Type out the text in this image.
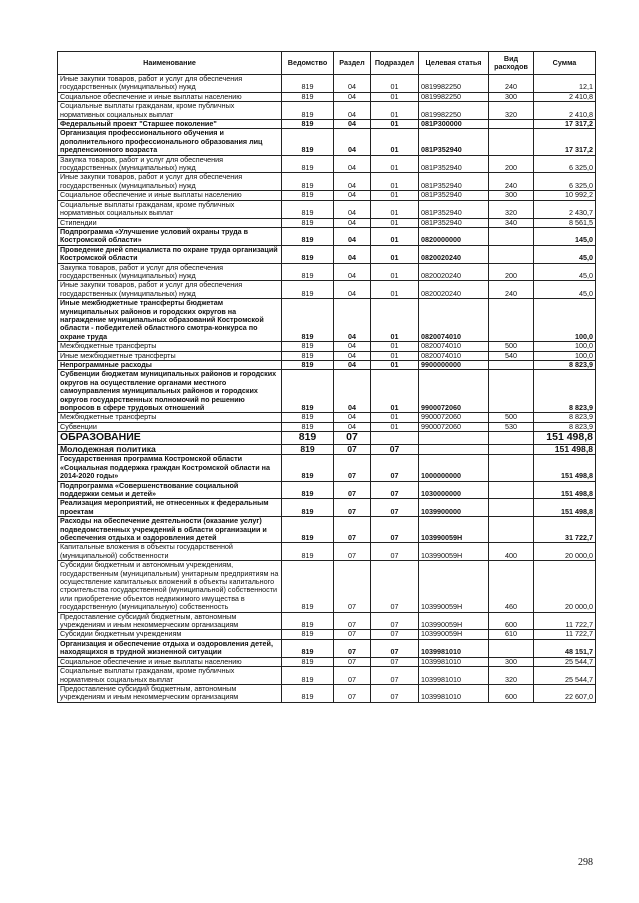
Наименование	Ведомство	Раздел	Подраздел	Целевая статья	Вид расходов	Сумма
Иные закупки товаров, работ и услуг для обеспечения государственных (муниципальных) нужд	819	04	01	0819982250	240	12,1
Социальное обеспечение и иные выплаты населению	819	04	01	0819982250	300	2 410,8
Социальные выплаты гражданам, кроме публичных нормативных социальных выплат	819	04	01	0819982250	320	2 410,8
Федеральный проект "Старшее поколение"	819	04	01	081P300000		17 317,2
Организация профессионального обучения и дополнительного профессионального образования лиц предпенсионного возраста	819	04	01	081P352940		17 317,2
Закупка товаров, работ и услуг для обеспечения государственных (муниципальных) нужд	819	04	01	081P352940	200	6 325,0
Иные закупки товаров, работ и услуг для обеспечения государственных (муниципальных) нужд	819	04	01	081P352940	240	6 325,0
Социальное обеспечение и иные выплаты населению	819	04	01	081P352940	300	10 992,2
Социальные выплаты гражданам, кроме публичных нормативных социальных выплат	819	04	01	081P352940	320	2 430,7
Стипендии	819	04	01	081P352940	340	8 561,5
Подпрограмма «Улучшение условий охраны труда в Костромской области»	819	04	01	0820000000		145,0
Проведение дней специалиста по охране труда организаций Костромской области	819	04	01	0820020240		45,0
Закупка товаров, работ и услуг для обеспечения государственных (муниципальных) нужд	819	04	01	0820020240	200	45,0
Иные закупки товаров, работ и услуг для обеспечения государственных (муниципальных) нужд	819	04	01	0820020240	240	45,0
Иные межбюджетные трансферты бюджетам муниципальных районов и городских округов на награждение муниципальных образований Костромской области - победителей областного смотра-конкурса по охране труда	819	04	01	0820074010		100,0
Межбюджетные трансферты	819	04	01	0820074010	500	100,0
Иные межбюджетные трансферты	819	04	01	0820074010	540	100,0
Непрограммные расходы	819	04	01	9900000000		8 823,9
Субвенции бюджетам муниципальных районов и городских округов на осуществление органами местного самоуправления муниципальных районов и городских округов государственных полномочий по решению вопросов в сфере трудовых отношений	819	04	01	9900072060		8 823,9
Межбюджетные трансферты	819	04	01	9900072060	500	8 823,9
Субвенции	819	04	01	9900072060	530	8 823,9
ОБРАЗОВАНИЕ	819	07				151 498,8
Молодежная политика	819	07	07			151 498,8
Государственная программа Костромской области «Социальная поддержка граждан Костромской области на 2014-2020 годы»	819	07	07	1000000000		151 498,8
Подпрограмма «Совершенствование социальной поддержки семьи и детей»	819	07	07	1030000000		151 498,8
Реализация мероприятий, не отнесенных к федеральным проектам	819	07	07	1039900000		151 498,8
Расходы на обеспечение деятельности (оказание услуг) подведомственных учреждений в области организации и обеспечения отдыха и оздоровления детей	819	07	07	103990059Н		31 722,7
Капитальные вложения в объекты государственной (муниципальной) собственности	819	07	07	103990059Н	400	20 000,0
Субсидии бюджетным и автономным учреждениям, государственным (муниципальным) унитарным предприятиям на осуществление капитальных вложений в объекты капитального строительства государственной (муниципальной) собственности или приобретение объектов недвижимого имущества в государственную (муниципальную) собственность	819	07	07	103990059Н	460	20 000,0
Предоставление субсидий бюджетным, автономным учреждениям и иным некоммерческим организациям	819	07	07	103990059Н	600	11 722,7
Субсидии бюджетным учреждениям	819	07	07	103990059Н	610	11 722,7
Организация и обеспечение отдыха и оздоровления детей, находящихся в трудной жизненной ситуации	819	07	07	1039981010		48 151,7
Социальное обеспечение и иные выплаты населению	819	07	07	1039981010	300	25 544,7
Социальные выплаты гражданам, кроме публичных нормативных социальных выплат	819	07	07	1039981010	320	25 544,7
Предоставление субсидий бюджетным, автономным учреждениям и иным некоммерческим организациям	819	07	07	1039981010	600	22 607,0
298
